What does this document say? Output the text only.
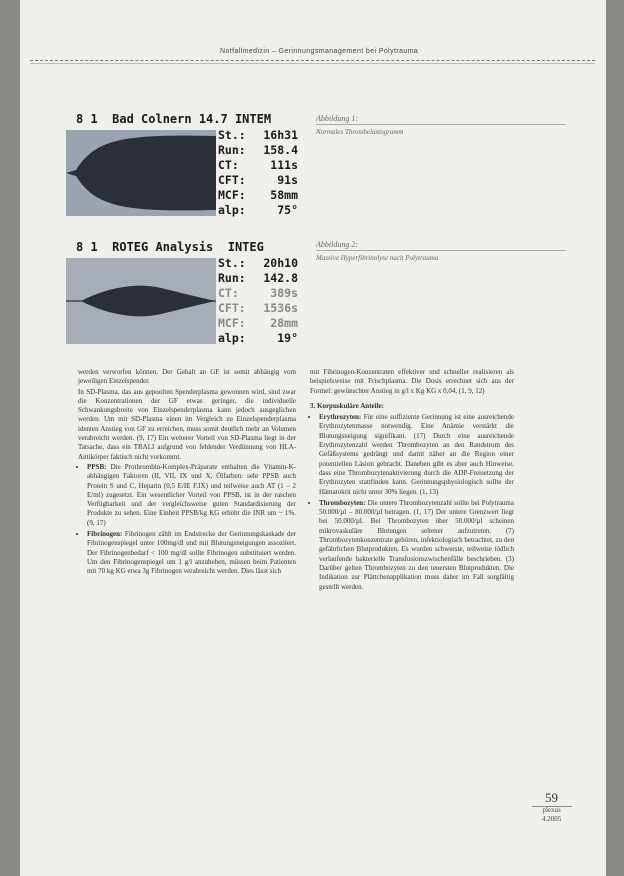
Notfallmedizin – Gerinnungsmanagement bei Polytrauma
8 1  Bad Colnern 14.7 INTEM
St.: 16h31
Run: 158.4
CT:	111s
CFT:	91s
MCF: 58mm
alp:	75°
Abbildung 1:
Normales Thrombelastogramm
8 1  ROTEG Analysis  INTEG
St.: 20h10
Run: 142.8
CT:	389s
CFT: 1536s
MCF: 28mm
alp:	19°
Abbildung 2:
Massive Hyperfibrinolyse nach Polytrauma

werden verworfen können. Der Gehalt an GF ist somit abhängig vom jeweiligen Einzelspender.

In SD-Plasma, das aus gepoolten Spenderplasma gewonnen wird, sind zwar die Konzentrationen der GF etwas geringer, die individuelle Schwankungsbreite von Einzelspenderplasma kann jedoch ausgeglichen werden. Um mit SD-Plasma einen im Vergleich zu Einzelspenderplasma identen Anstieg von GF zu erreichen, muss somit deutlich mehr an Volumen verabreicht werden. (9, 17) Ein weiterer Vorteil von SD-Plasma liegt in der Tatsache, dass ein TRALI aufgrund von fehlender Verdünnung von HLA-Antikörper faktisch nicht vorkommt.

• PPSB: Die Prothrombin-Komplex-Präparate enthalten die Vitamin-K-abhängigen Faktoren (II, VII, IX und X, Ölfarben: sehr PPSB auch Protein S und C, Heparin (0,5 E/IE F.IX) und teilweise auch AT (1 – 2 E/ml) zugesetzt. Ein wesentlicher Vorteil von PPSB, ist in der raschen Verfügbarkeit und der vergleichsweise guten Standardisierung der Produkte zu sehen. Eine Einheit PPSB/kg KG erhöht die INR um ~ 1%. (9, 17)
• Fibrinogen: Fibrinogen zählt im Endstrecke der Gerinnungskaskade der Fibrinogenspiegel unter 100mg/dl und mit Blutungsneigungen assoziiert. Der Fibrinogenbedarf < 100 mg/dl sollte Fibrinogen substituiert werden. Um den Fibrinogenspiegel um 1 g/l anzuheben, müssen beim Patienten mit 70 kg KG etwa 3g Fibrinogen verabreicht werden. Dies lässt sich

mit Fibrinogen-Konzentraten effektiver und schneller realisieren als beispielsweise mit Frischplasma. Die Dosis errechnet sich aus der Formel: gewünschter Anstieg in g/l x Kg KG x 0,04. (1, 9, 12)

3. Korpuskuläre Anteile:
• Erythrozyten: Für eine suffiziente Gerinnung ist eine ausreichende Erythrozytenmasse notwendig. Eine Anämie verstärkt die Blutungsneigung signifikant. (17) Durch eine ausreichende Erythrozytenzahl werden Thrombozyten an den Randstrom des Gefäßsystems gedrängt und damit näher an die Region einer potentiellen Läsion gebracht. Daneben gibt es aber auch Hinweise, dass eine Thrombozytenaktivierung durch die ADP-Freisetzung der Erythrozyten stattfinden kann. Gerinnungsphysiologisch sollte der Hämatokrit nicht unter 30% liegen. (1, 13)
• Thrombozyten: Die untere Thrombozytenzahl sollte bei Polytrauma 50.000/µl – 80.000/µl betragen. (1, 17) Der untere Grenzwert liegt bei 50.000/µl. Bei Thrombozyten über 50.000/µl scheinen mikrovaskuläre Blutungen seltener aufzutreten. (7) Thrombozytenkonzentrate gehören, infektiologisch betrachtet, zu den gefährlichen Blutprodukten. Es wurden schwerste, teilweise tödlich verlaufende bakterielle Transfusionszwischenfälle beschrieben. (3) Darüber gelten Thrombozyten zu den teuersten Blutprodukten. Die Indikation zur Plättchenapplikation muss daher im Fall sorgfältig gestellt werden.
59
plexus
4.2005
